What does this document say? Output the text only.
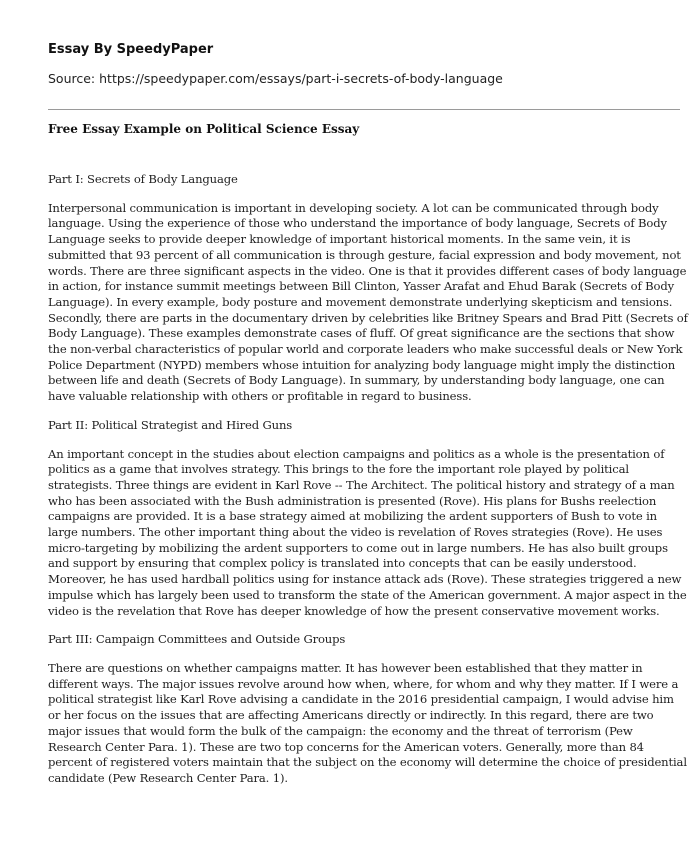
Essay By SpeedyPaper
Source: https://speedypaper.com/essays/part-i-secrets-of-body-language
Free Essay Example on Political Science Essay
Part I: Secrets of Body Language
Interpersonal communication is important in developing society. A lot can be communicated through body language. Using the experience of those who understand the importance of body language, Secrets of Body Language seeks to provide deeper knowledge of important historical moments. In the same vein, it is submitted that 93 percent of all communication is through gesture, facial expression and body movement, not words. There are three significant aspects in the video. One is that it provides different cases of body language in action, for instance summit meetings between Bill Clinton, Yasser Arafat and Ehud Barak (Secrets of Body Language). In every example, body posture and movement demonstrate underlying skepticism and tensions. Secondly, there are parts in the documentary driven by celebrities like Britney Spears and Brad Pitt (Secrets of Body Language). These examples demonstrate cases of fluff. Of great significance are the sections that show the non-verbal characteristics of popular world and corporate leaders who make successful deals or New York Police Department (NYPD) members whose intuition for analyzing body language might imply the distinction between life and death (Secrets of Body Language). In summary, by understanding body language, one can have valuable relationship with others or profitable in regard to business.
Part II: Political Strategist and Hired Guns
An important concept in the studies about election campaigns and politics as a whole is the presentation of politics as a game that involves strategy. This brings to the fore the important role played by political strategists. Three things are evident in Karl Rove -- The Architect. The political history and strategy of a man who has been associated with the Bush administration is presented (Rove). His plans for Bushs reelection campaigns are provided. It is a base strategy aimed at mobilizing the ardent supporters of Bush to vote in large numbers. The other important thing about the video is revelation of Roves strategies (Rove). He uses micro-targeting by mobilizing the ardent supporters to come out in large numbers. He has also built groups and support by ensuring that complex policy is translated into concepts that can be easily understood. Moreover, he has used hardball politics using for instance attack ads (Rove). These strategies triggered a new impulse which has largely been used to transform the state of the American government. A major aspect in the video is the revelation that Rove has deeper knowledge of how the present conservative movement works.
Part III: Campaign Committees and Outside Groups
There are questions on whether campaigns matter. It has however been established that they matter in different ways. The major issues revolve around how when, where, for whom and why they matter. If I were a political strategist like Karl Rove advising a candidate in the 2016 presidential campaign, I would advise him or her focus on the issues that are affecting Americans directly or indirectly. In this regard, there are two major issues that would form the bulk of the campaign: the economy and the threat of terrorism (Pew Research Center Para. 1). These are two top concerns for the American voters. Generally, more than 84 percent of registered voters maintain that the subject on the economy will determine the choice of presidential candidate (Pew Research Center Para. 1).
